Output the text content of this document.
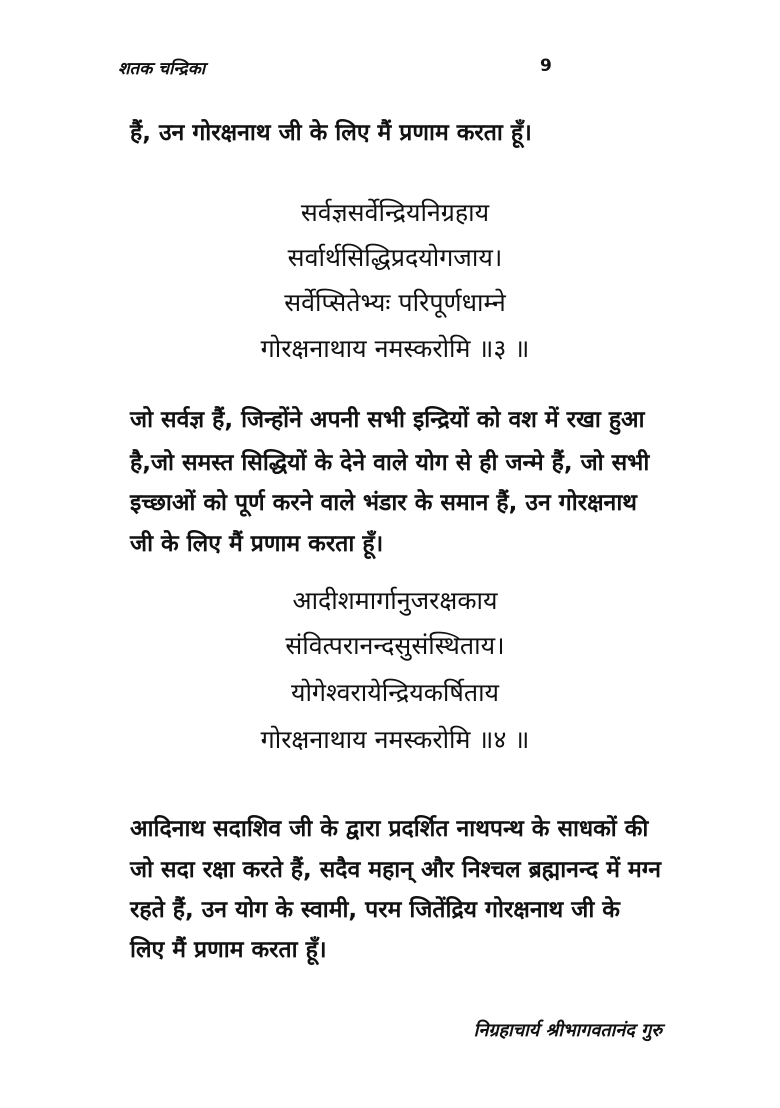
शतक चन्द्रिका	9
हैं, उन गोरक्षनाथ जी के लिए मैं प्रणाम करता हूँ।
सर्वज्ञसर्वेन्द्रियनिग्रहाय
सर्वार्थसिद्धिप्रदयोगजाय।
सर्वेप्सितेभ्यः परिपूर्णधाम्ने
गोरक्षनाथाय नमस्करोमि ॥३ ॥
जो सर्वज्ञ हैं, जिन्होंने अपनी सभी इन्द्रियों को वश में रखा हुआ
है,जो समस्त सिद्धियों के देने वाले योग से ही जन्मे हैं, जो सभी
इच्छाओं को पूर्ण करने वाले भंडार के समान हैं, उन गोरक्षनाथ
जी के लिए मैं प्रणाम करता हूँ।
आदीशमार्गानुजरक्षकाय
संवित्परानन्दसुसंस्थिताय।
योगेश्वरायेन्द्रियकर्षिताय
गोरक्षनाथाय नमस्करोमि ॥४ ॥
आदिनाथ सदाशिव जी के द्वारा प्रदर्शित नाथपन्थ के साधकों की
जो सदा रक्षा करते हैं, सदैव महान् और निश्चल ब्रह्मानन्द में मग्न
रहते हैं, उन योग के स्वामी, परम जितेंद्रिय गोरक्षनाथ जी के
लिए मैं प्रणाम करता हूँ।
निग्रहाचार्य श्रीभागवतानंद गुरु
